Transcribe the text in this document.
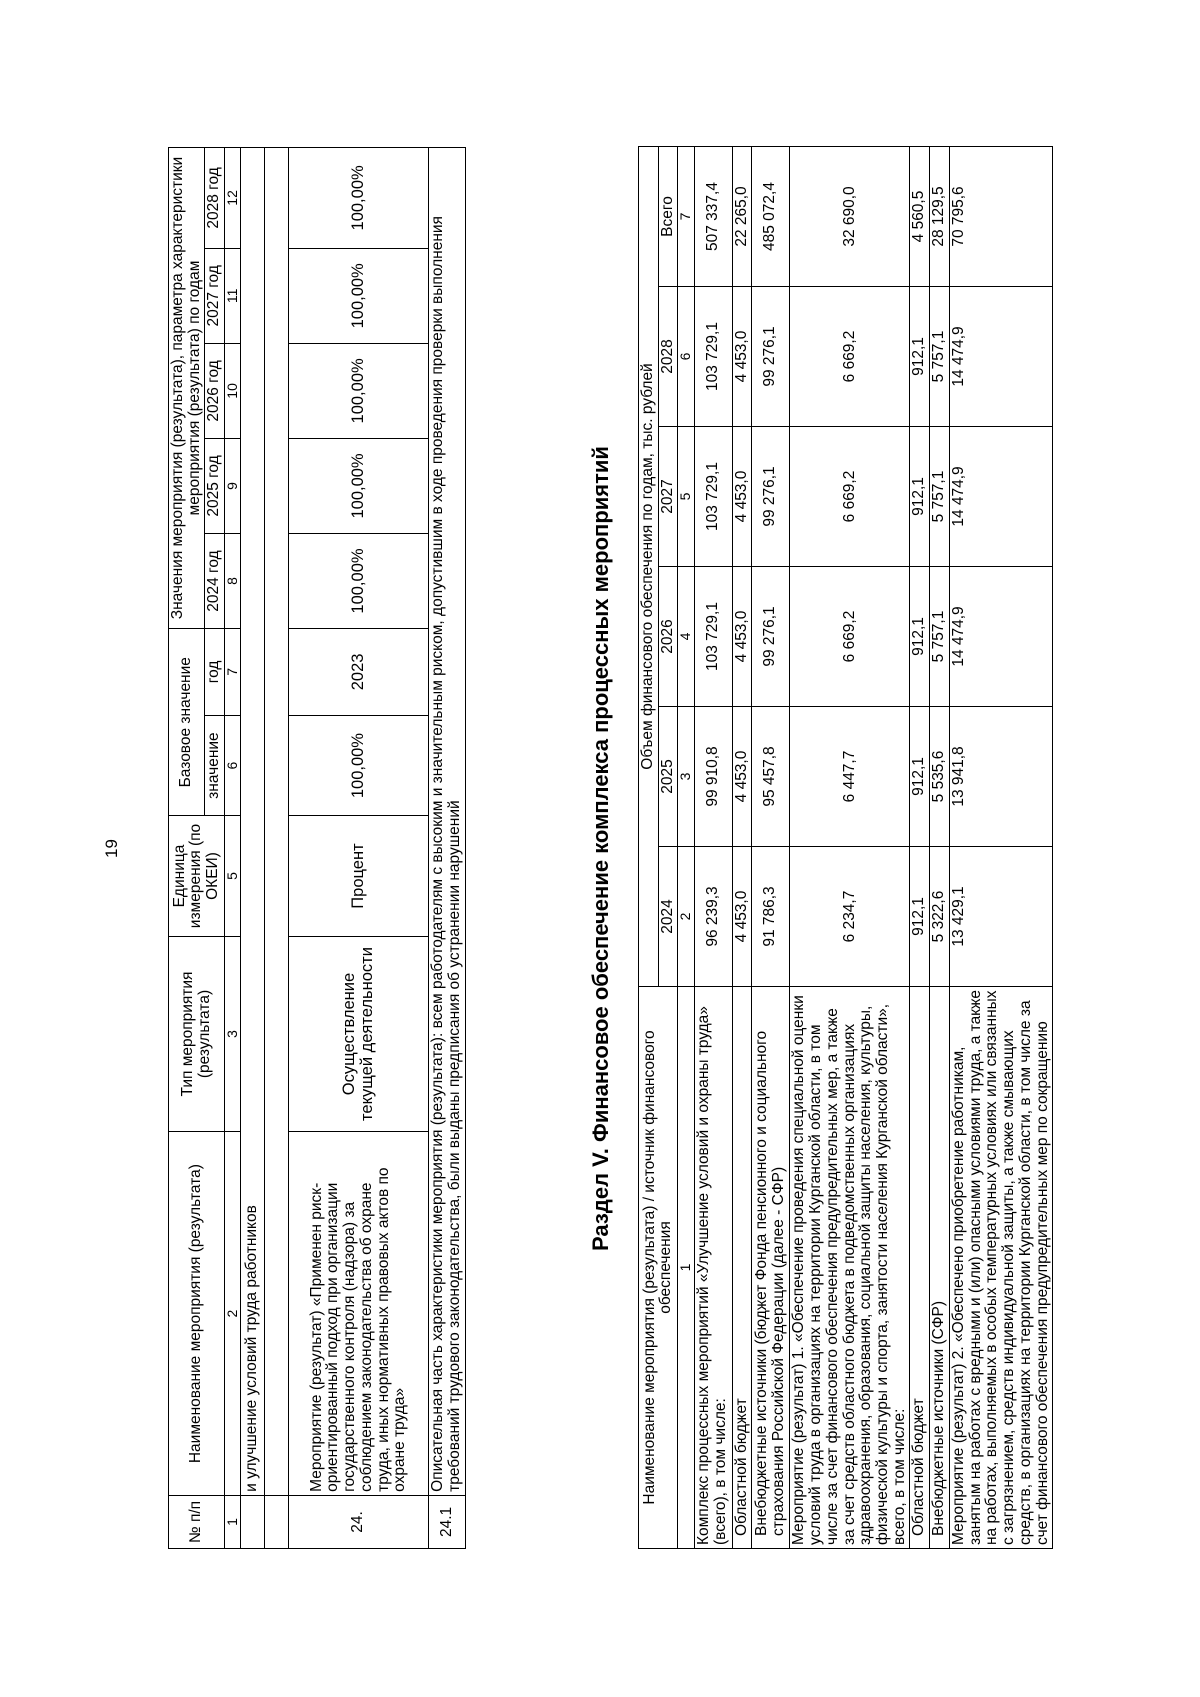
19
№ п/п	Наименование мероприятия (результата)	Тип мероприятия (результата)	Единица измерения (по ОКЕИ)	Базовое значение		Значения мероприятия (результата), параметра характеристики мероприятия (результата) по годам				
				значение	год	2024 год	2025 год	2026 год	2027 год	2028 год
1	2	3	5	6	7	8	9	10	11	12
	и улучшение условий труда работников									

24.	Мероприятие (результат) «Применен риск-ориентированный подход при организации государственного контроля (надзора) за соблюдением законодательства об охране труда, иных нормативных правовых актов по охране труда»	Осуществление текущей деятельности	Процент	100,00%	2023	100,00%	100,00%	100,00%	100,00%	100,00%
24.1	Описательная часть характеристики мероприятия (результата): всем работодателям с высоким и значительным риском, допустившим в ходе проведения проверки выполнения требований трудового законодательства, были выданы предписания об устранении нарушений										Раздел V. Финансовое обеспечение комплекса процессных мероприятий
Наименование мероприятия (результата) / источник финансового обеспечения	Объем финансового обеспечения по годам, тыс. рублей					
	2024	2025	2026	2027	2028	Всего
1	2	3	4	5	6	7
Комплекс процессных мероприятий «Улучшение условий и охраны труда» (всего), в том числе:	96 239,3	99 910,8	103 729,1	103 729,1	103 729,1	507 337,4
Областной бюджет	4 453,0	4 453,0	4 453,0	4 453,0	4 453,0	22 265,0
Внебюджетные источники (бюджет Фонда пенсионного и социального страхования Российской Федерации (далее - СФР)	91 786,3	95 457,8	99 276,1	99 276,1	99 276,1	485 072,4
Мероприятие (результат) 1. «Обеспечение проведения специальной оценки условий труда в организациях на территории Курганской области, в том числе за счет финансового обеспечения предупредительных мер, а также за счет средств областного бюджета в подведомственных организациях здравоохранения, образования, социальной защиты населения, культуры, физической культуры и спорта, занятости населения Курганской области», всего, в том числе:	6 234,7	6 447,7	6 669,2	6 669,2	6 669,2	32 690,0
Областной бюджет	912,1	912,1	912,1	912,1	912,1	4 560,5
Внебюджетные источники (СФР)	5 322,6	5 535,6	5 757,1	5 757,1	5 757,1	28 129,5
Мероприятие (результат) 2. «Обеспечено приобретение работникам, занятым на работах с вредными и (или) опасными условиями труда, а также на работах, выполняемых в особых температурных условиях или связанных с загрязнением, средств индивидуальной защиты, а также смывающих средств, в организациях на территории Курганской области, в том числе за счет финансового обеспечения предупредительных мер по сокращению	13 429,1	13 941,8	14 474,9	14 474,9	14 474,9	70 795,6
